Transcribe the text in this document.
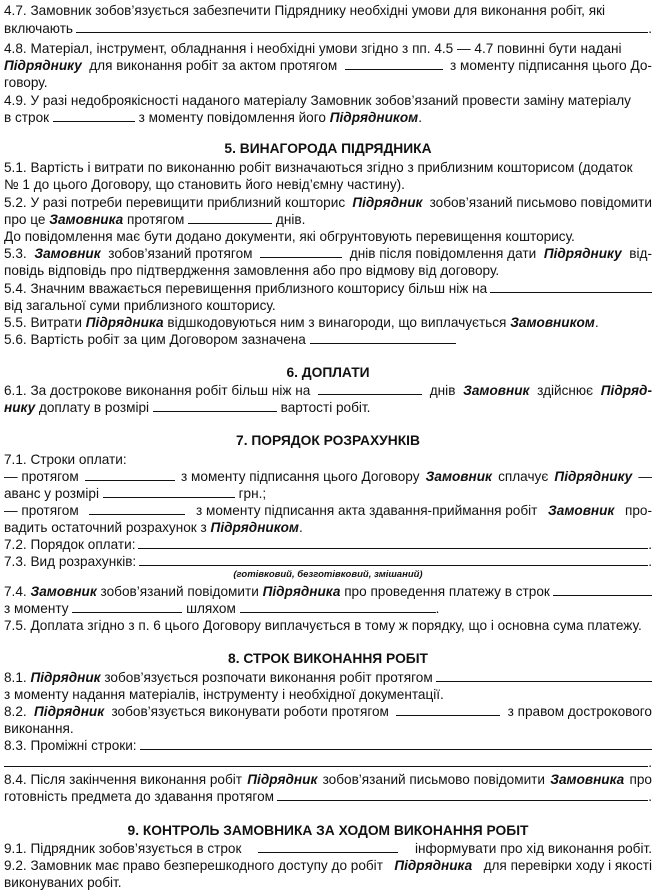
4.7. Замовник зобов’язується забезпечити Підряднику необхідні умови для виконання робіт, які
включають	.
4.8. Матеріал, інструмент, обладнання і необхідні умови згідно з пп. 4.5 — 4.7 повинні бути надані
Підряднику для виконання робіт за актом протягом	з моменту підписання цього До-
говору.
4.9. У разі недоброякісності наданого матеріалу Замовник зобов’язаний провести заміну матеріалу
в строк	з моменту повідомлення його Підрядником.
5. ВИНАГОРОДА ПІДРЯДНИКА
5.1. Вартість і витрати по виконанню робіт визначаються згідно з приблизним кошторисом (додаток
№ 1 до цього Договору, що становить його невід’ємну частину).
5.2. У разі потреби перевищити приблизний кошторис Підрядник зобов’язаний письмово повідомити
про це Замовника протягом	днів.
До повідомлення має бути додано документи, які обгрунтовують перевищення кошторису.
5.3. Замовник зобов’язаний протягом	днів після повідомлення дати Підряднику від-
повідь відповідь про підтвердження замовлення або про відмову від договору.
5.4. Значним вважається перевищення приблизного кошторису більш ніж на
від загальної суми приблизного кошторису.
5.5. Витрати Підрядника відшкодовуються ним з винагороди, що виплачується Замовником.
5.6. Вартість робіт за цим Договором зазначена
6. ДОПЛАТИ
6.1. За дострокове виконання робіт більш ніж на	днів Замовник здійснює Підряд-
нику доплату в розмірі	вартості робіт.
7. ПОРЯДОК РОЗРАХУНКІВ
7.1. Строки оплати:
— протягом	з моменту підписання цього Договору Замовник сплачує Підряднику —
аванс у розмірі	грн.;
— протягом	з моменту підписання акта здавання-приймання робіт Замовник про-
вадить остаточний розрахунок з Підрядником.
7.2. Порядок оплати:	.
7.3. Вид розрахунків:	.
(готівковий, безготівковий, змішаний)
7.4.
Замовник
зобов’язаний повідомити
Підрядника
про проведення платежу в строк
з моменту	шляхом	.
7.5. Доплата згідно з п. 6 цього Договору виплачується в тому ж порядку, що і основна сума платежу.
8. СТРОК ВИКОНАННЯ РОБІТ
8.1.
Підрядник
зобов’язується розпочати виконання робіт протягом
з моменту надання матеріалів, інструменту і необхідної документації.
8.2. Підрядник зобов’язується виконувати роботи протягом	з правом дострокового
виконання.
8.3. Проміжні строки:
.
8.4. Після закінчення виконання робіт Підрядник зобов’язаний письмово повідомити Замовника про
готовність предмета до здавання протягом	.
9. КОНТРОЛЬ ЗАМОВНИКА ЗА ХОДОМ ВИКОНАННЯ РОБІТ
9.1. Підрядник зобов’язується в строк	інформувати про хід виконання робіт.
9.2. Замовник має право безперешкодного доступу до робіт Підрядника для перевірки ходу і якості
виконуваних робіт.
